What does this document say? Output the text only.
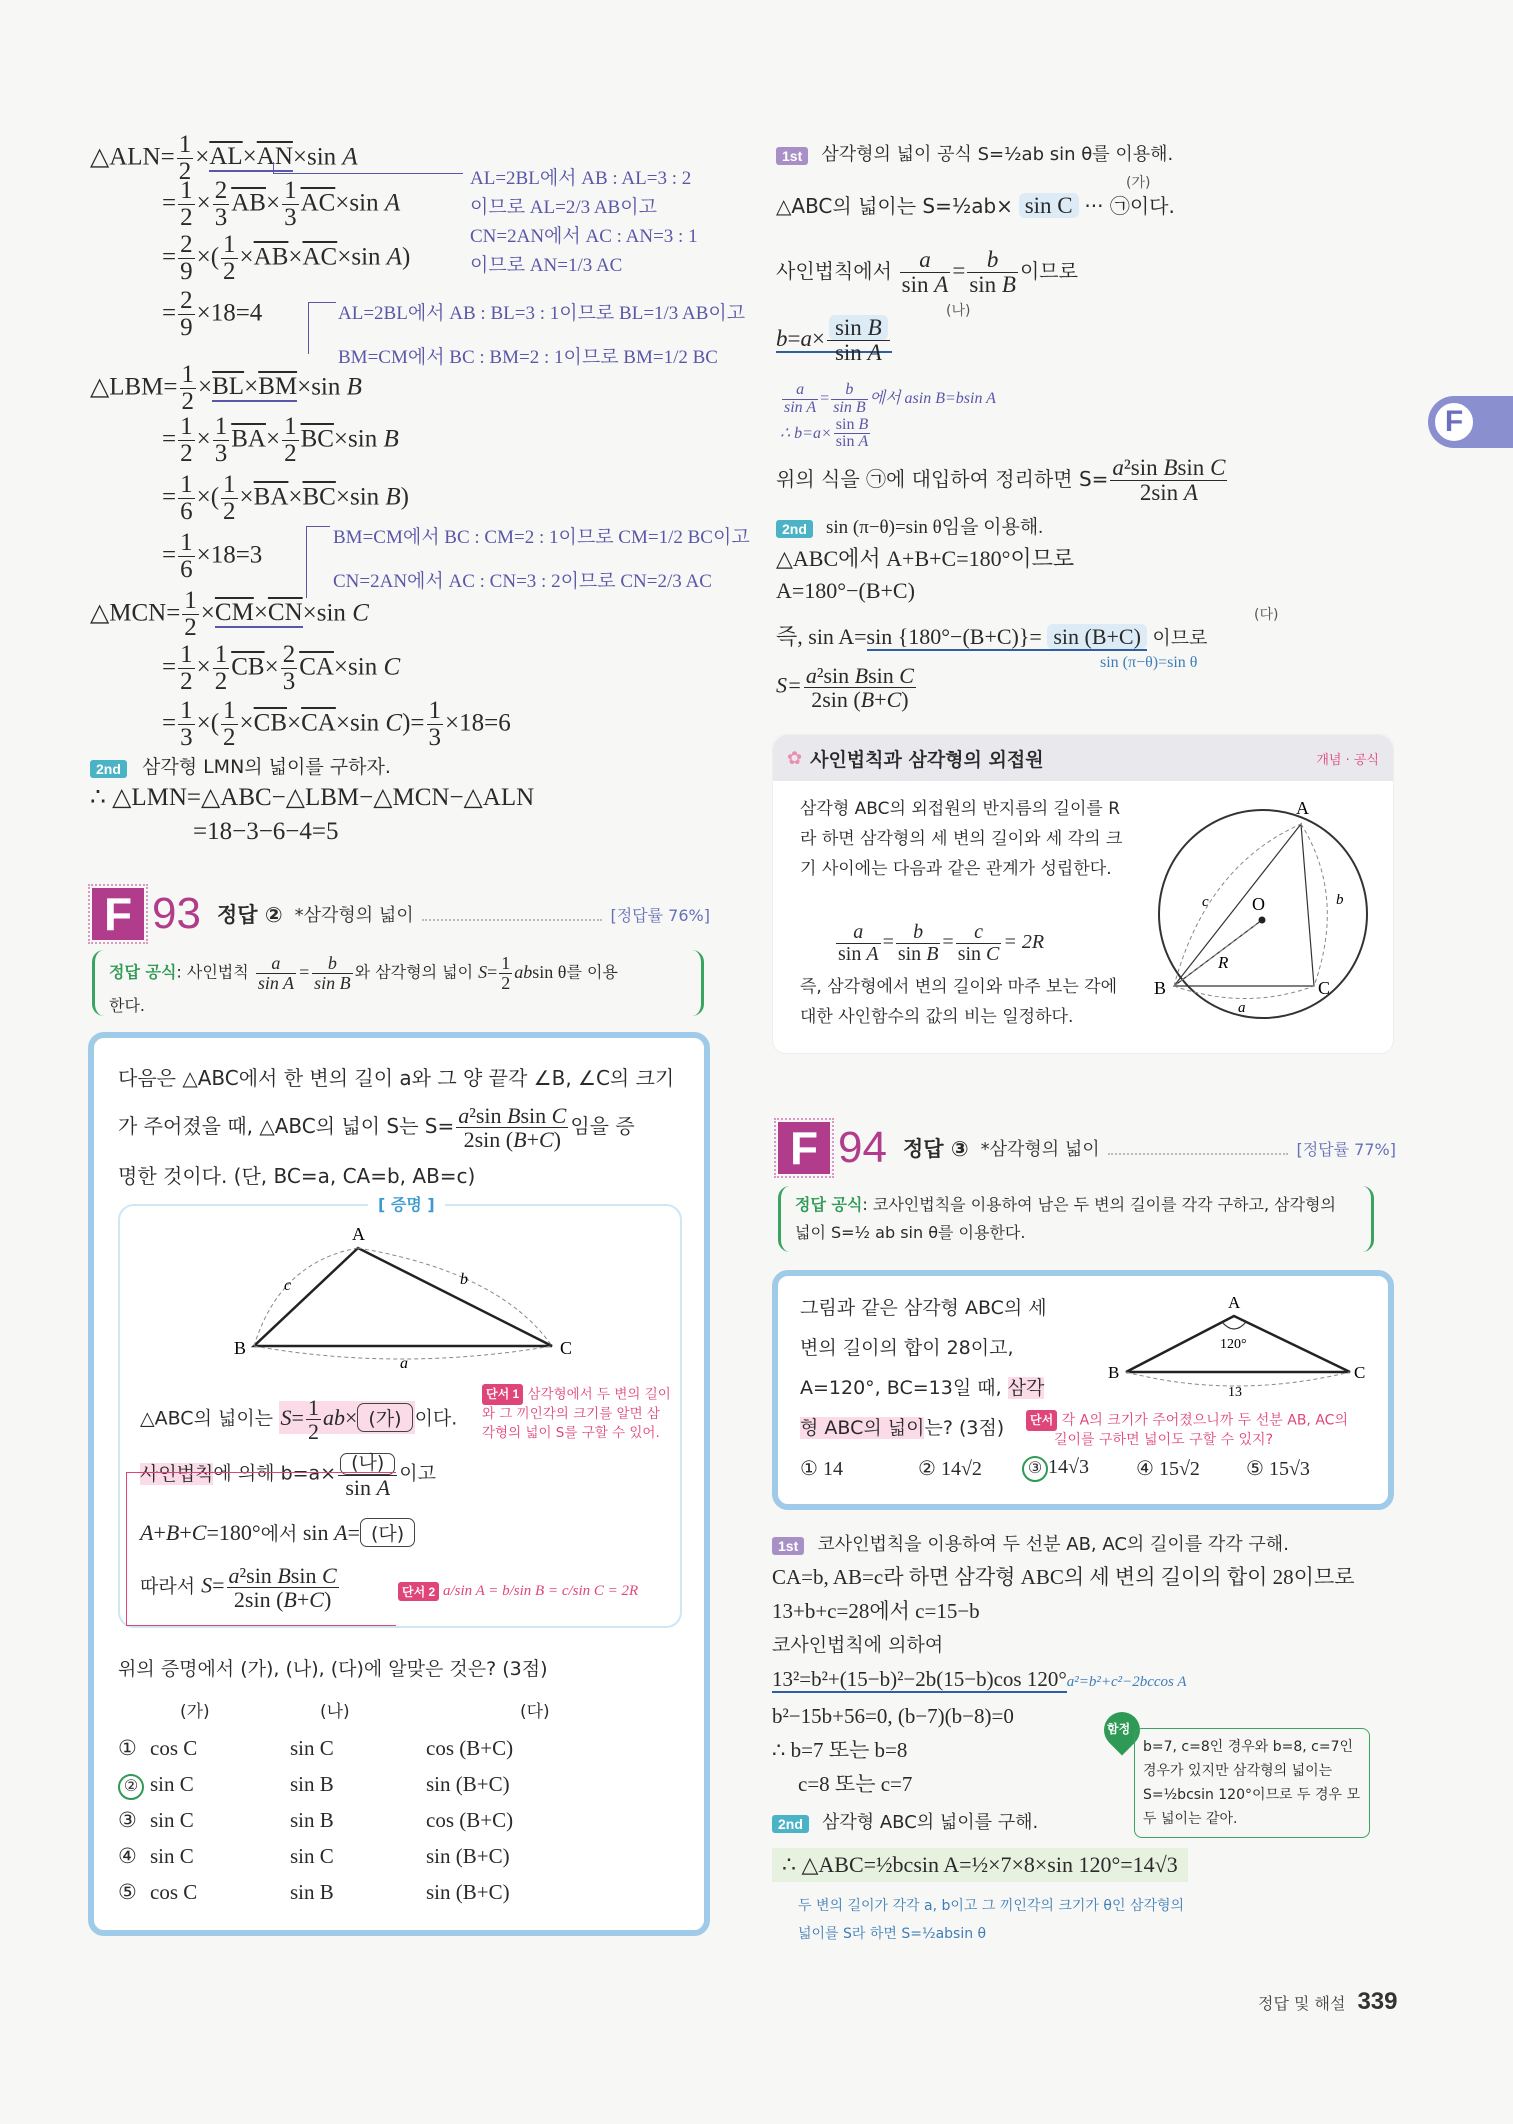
F
△ALN= $\frac{1}{2} \times\overline{AL}\times\overline{AN}\times\sin$ A
= $\frac{1}{2} \times \frac{2}{3} \overline{AB}\times \frac{1}{3} \overline{AC}\times\sin$ A
= $\frac{2}{9}$ ×( $\frac{1}{2} \times\overline{AB}\times\overline{AC}\times\sin$ A)
= $\frac{2}{9} \times 18=4$
AL=2BL에서 AB : AL=3 : 2
이므로 AL=2/3 AB이고
CN=2AN에서 AC : AN=3 : 1
이므로 AN=1/3 AC
AL=2BL에서 AB : BL=3 : 1이므로 BL=1/3 AB이고
BM=CM에서 BC : BM=2 : 1이므로 BM=1/2 BC
△LBM= $\frac{1}{2} \times\overline{BL}\times\overline{BM}\times\sin$ B
= $\frac{1}{2} \times \frac{1}{3} \overline{BA}\times \frac{1}{2} \overline{BC}\times\sin$ B
= $\frac{1}{6}$ ×( $\frac{1}{2} \times\overline{BA}\times\overline{BC}\times\sin$ B)
= $\frac{1}{6} \times 18=3$
BM=CM에서 BC : CM=2 : 1이므로 CM=1/2 BC이고
CN=2AN에서 AC : CN=3 : 2이므로 CN=2/3 AC
△MCN= $\frac{1}{2} \times\overline{CM}\times\overline{CN}\times\sin$ C
= $\frac{1}{2} \times \frac{1}{2} \overline{CB}\times \frac{2}{3} \overline{CA}\times\sin$ C
= $\frac{1}{3}$ ×( $\frac{1}{2} \times\overline{CB}\times\overline{CA}\times\sin$ $C)= \frac{1}{3} \times 18=6$
2nd 삼각형 LMN의 넓이를 구하자.
∴ △LMN=△ABC−△LBM−△MCN−△ALN
=18−3−6−4=5
F 93 정답 ② *삼각형의 넓이	[정답률 76%]
정답 공식: 사인법칙 $\frac{a}{\text{sin A}} = \frac{b}{\text{sin B}}$ 와 삼각형의 넓이 $S= \frac{1}{2}$ absin θ를 이용
한다.
다음은 △ABC에서 한 변의 길이 a와 그 양 끝각 ∠B, ∠C의 크기
가 주어졌을 때, △ABC의 넓이 S는 $S= \frac{\text{a²sin Bsin C}}{2\sin (B+C)}$ 임을 증
명한 것이다. (단, BC=a, CA=b, AB=c)
[ 증명 ]
A
B	C
c	b
a
△ABC의 넓이는 $S= \frac{1}{2} ab\times$ (가) 이다.
단서 1 삼각형에서 두 변의 길이와 그 끼인각의 크기를 알면 삼각형의 넓이 S를 구할 수 있어.
사인법칙에 의해 $b=a\times \frac{\text{(나)}}{\text{sin A}}$ 이고
A+B+C=180°에서 sin A= (다)
따라서 $S= \frac{\text{a²sin Bsin C}}{2\sin (B+C)}$	단서 2 a/sin A = b/sin B = c/sin C = 2R
위의 증명에서 (가), (나), (다)에 알맞은 것은? (3점)
(가)	(나)	(다)
① cos C	sin C	cos (B+C)
② sin C	sin B	sin (B+C)
③ sin C	sin B	cos (B+C)
④ sin C	sin C	sin (B+C)
⑤ cos C	sin B	sin (B+C)
1st 삼각형의 넓이 공식 S=½ab sin θ를 이용해.
△ABC의 넓이는 S=½ab× sin C ··· ㉠이다.
(가)
사인법칙에서 $\frac{a}{\text{sin A}} = \frac{b}{\text{sin B}}$ 이므로
$b=a\times \frac{\text{sin B}}{\text{sin A}}$
(나)
$\frac{a}{\text{sin A}} = \frac{b}{\text{sin B}}$ 에서 asin B=bsin A
∴ $b=a\times \frac{\text{sin B}}{\text{sin A}}$
위의 식을 ㉠에 대입하여 정리하면 $S= \frac{\text{a²sin Bsin C}}{\text{2sin A}}$
2nd sin (π−θ)=sin θ임을 이용해.
△ABC에서 A+B+C=180°이므로
A=180°−(B+C)
즉, sin A=sin {180°−(B+C)}= sin (B+C) 이므로
(다)
sin (π−θ)=sin θ
$S= \frac{\text{a²sin Bsin C}}{2\sin (B+C)}$
✿ 사인법칙과 삼각형의 외접원	개념 · 공식
삼각형 ABC의 외접원의 반지름의 길이를 R라 하면 삼각형의 세 변의 길이와 세 각의 크기 사이에는 다음과 같은 관계가 성립한다.
$\frac{a}{\text{sin A}} = \frac{b}{\text{sin B}} = \frac{c}{\text{sin C}} = 2R$
즉, 삼각형에서 변의 길이와 마주 보는 각에 대한 사인함수의 값의 비는 일정하다.
A
B	C
O
R
c	b
a
F 94 정답 ③ *삼각형의 넓이	[정답률 77%]
정답 공식: 코사인법칙을 이용하여 남은 두 변의 길이를 각각 구하고, 삼각형의
넓이 S=½ ab sin θ를 이용한다.
그림과 같은 삼각형 ABC의 세
변의 길이의 합이 28이고,
A=120°, BC=13일 때, 삼각
형 ABC의 넓이는? (3점)
A
B	C
120°
13
단서 각 A의 크기가 주어졌으니까 두 선분 AB, AC의
길이를 구하면 넓이도 구할 수 있지?
① 14	② 14√2	③ 14√3	④ 15√2	⑤ 15√3
1st 코사인법칙을 이용하여 두 선분 AB, AC의 길이를 각각 구해.
CA=b, AB=c라 하면 삼각형 ABC의 세 변의 길이의 합이 28이므로
13+b+c=28에서 c=15−b
코사인법칙에 의하여
13²=b²+(15−b)²−2b(15−b)cos 120°a²=b²+c²−2bccos A
b²−15b+56=0, (b−7)(b−8)=0
∴ b=7 또는 b=8
c=8 또는 c=7
함정
b=7, c=8인 경우와 b=8, c=7인 경우가 있지만 삼각형의 넓이는 S=½bcsin 120°이므로 두 경우 모두 넓이는 같아.
2nd 삼각형 ABC의 넓이를 구해.
∴ △ABC=½bcsin A=½×7×8×sin 120°=14√3
두 변의 길이가 각각 a, b이고 그 끼인각의 크기가 θ인 삼각형의
넓이를 S라 하면 S=½absin θ
정답 및 해설 339
